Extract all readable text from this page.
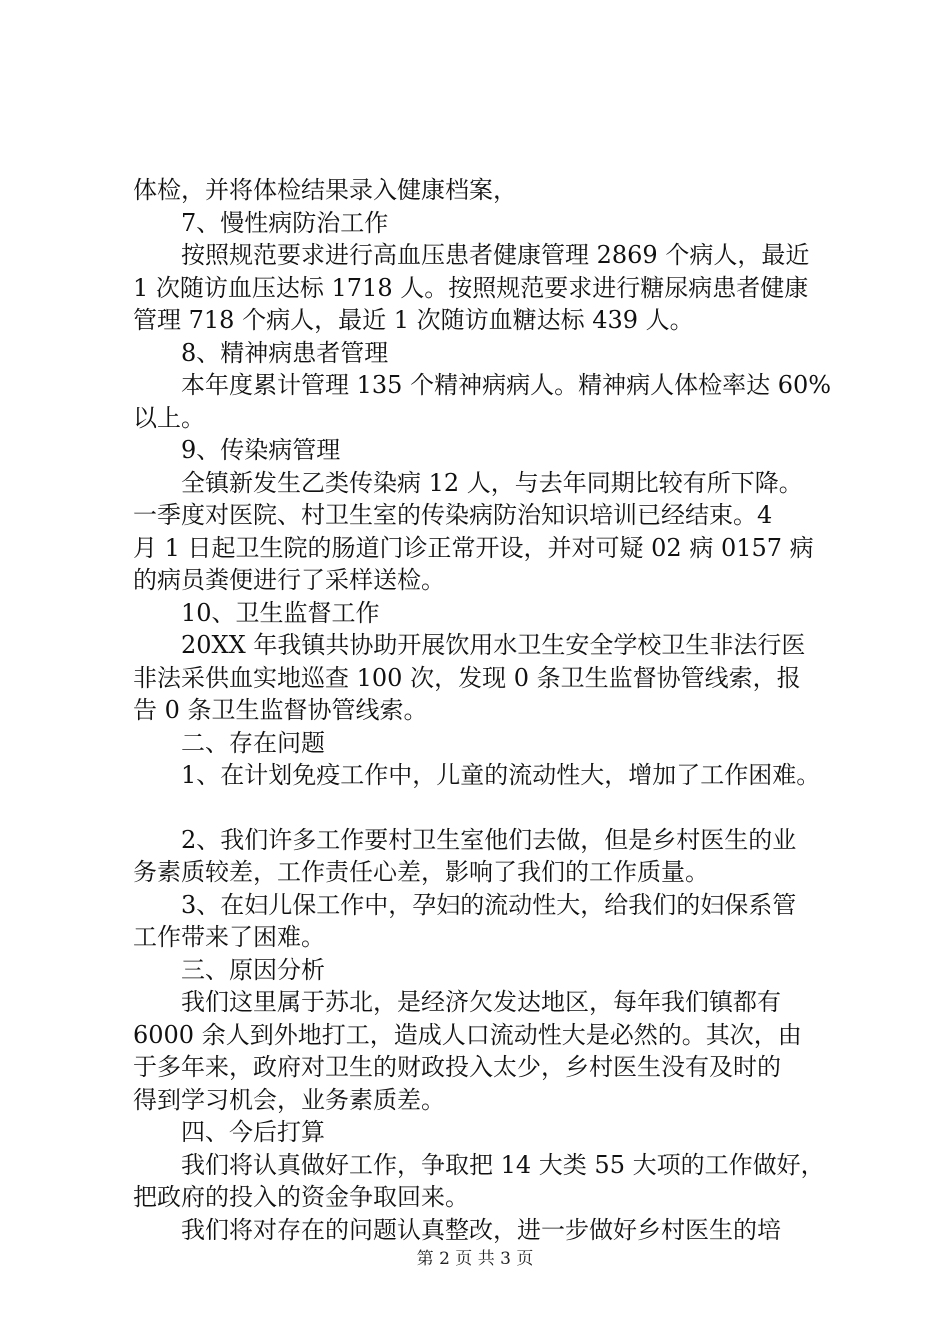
体检，并将体检结果录入健康档案，
7、慢性病防治工作
按照规范要求进行高血压患者健康管理 2869 个病人，最近
1 次随访血压达标 1718 人。按照规范要求进行糖尿病患者健康
管理 718 个病人，最近 1 次随访血糖达标 439 人。
8、精神病患者管理
本年度累计管理 135 个精神病病人。精神病人体检率达 60%
以上。
9、传染病管理
全镇新发生乙类传染病 12 人，与去年同期比较有所下降。
一季度对医院、村卫生室的传染病防治知识培训已经结束。4
月 1 日起卫生院的肠道门诊正常开设，并对可疑 02 病 0157 病
的病员粪便进行了采样送检。
10、卫生监督工作
20XX 年我镇共协助开展饮用水卫生安全学校卫生非法行医
非法采供血实地巡查 100 次，发现 0 条卫生监督协管线索，报
告 0 条卫生监督协管线索。
二、存在问题
1、在计划免疫工作中，儿童的流动性大，增加了工作困难。
2、我们许多工作要村卫生室他们去做，但是乡村医生的业
务素质较差，工作责任心差，影响了我们的工作质量。
3、在妇儿保工作中，孕妇的流动性大，给我们的妇保系管
工作带来了困难。
三、原因分析
我们这里属于苏北，是经济欠发达地区，每年我们镇都有
6000 余人到外地打工，造成人口流动性大是必然的。其次，由
于多年来，政府对卫生的财政投入太少，乡村医生没有及时的
得到学习机会，业务素质差。
四、今后打算
我们将认真做好工作，争取把 14 大类 55 大项的工作做好，
把政府的投入的资金争取回来。
我们将对存在的问题认真整改，进一步做好乡村医生的培
第 2 页 共 3 页
